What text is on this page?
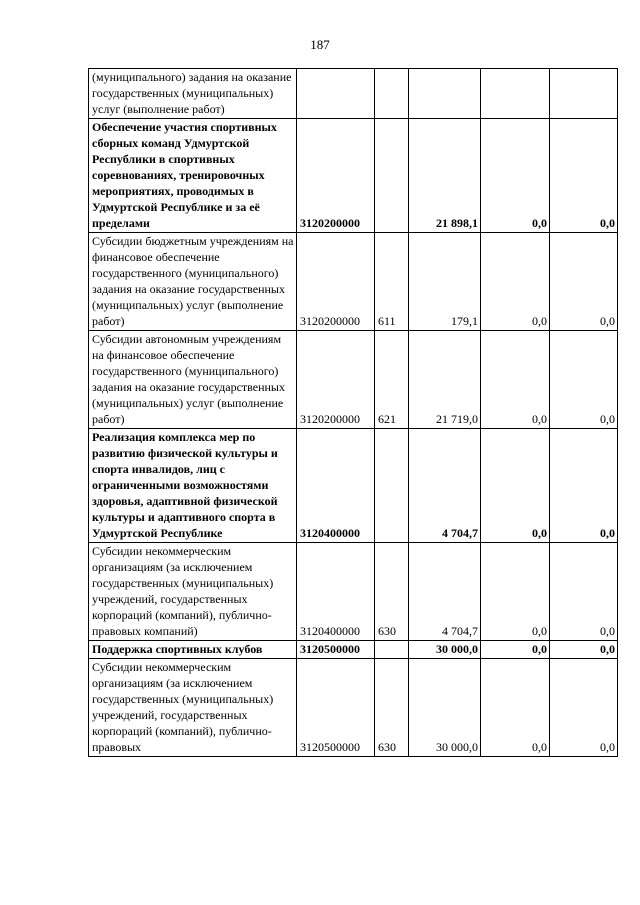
187
(муниципального) задания на оказание государственных (муниципальных) услуг (выполнение работ)					
Обеспечение участия спортивных сборных команд Удмуртской Республики в спортивных соревнованиях, тренировочных мероприятиях, проводимых в Удмуртской Республике и за её пределами	3120200000		21 898,1	0,0	0,0
Субсидии бюджетным учреждениям на финансовое обеспечение государственного (муниципального) задания на оказание государственных (муниципальных) услуг (выполнение работ)	3120200000	611	179,1	0,0	0,0
Субсидии автономным учреждениям на финансовое обеспечение государственного (муниципального) задания на оказание государственных (муниципальных) услуг (выполнение работ)	3120200000	621	21 719,0	0,0	0,0
Реализация комплекса мер по развитию физической культуры и спорта инвалидов, лиц с ограниченными возможностями здоровья, адаптивной физической культуры и адаптивного спорта в Удмуртской Республике	3120400000		4 704,7	0,0	0,0
Субсидии некоммерческим организациям (за исключением государственных (муниципальных) учреждений, государственных корпораций (компаний), публично-правовых компаний)	3120400000	630	4 704,7	0,0	0,0
Поддержка спортивных клубов	3120500000		30 000,0	0,0	0,0
Субсидии некоммерческим организациям (за исключением государственных (муниципальных) учреждений, государственных корпораций (компаний), публично-правовых	3120500000	630	30 000,0	0,0	0,0
